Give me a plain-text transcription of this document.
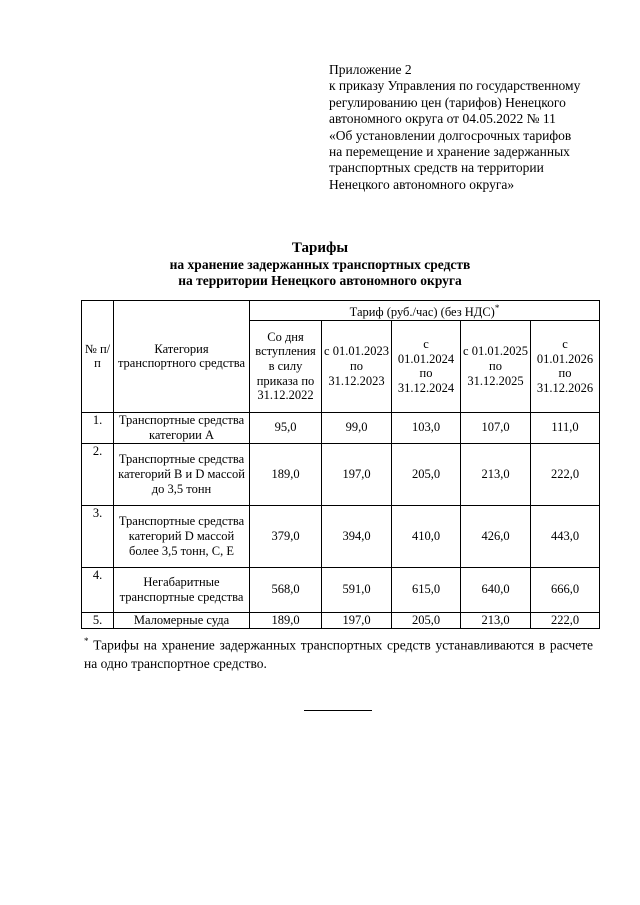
Приложение 2
к приказу Управления по государственному
регулированию цен (тарифов) Ненецкого
автономного округа от 04.05.2022 № 11
«Об установлении долгосрочных тарифов
на перемещение и хранение задержанных
транспортных средств на территории
Ненецкого автономного округа»
Тарифы
на хранение задержанных транспортных средств
на территории Ненецкого автономного округа
№ п/п	Категория транспортного средства	Тариф (руб./час) (без НДС)*
		Со дня вступления в силу приказа по 31.12.2022	с 01.01.2023 по 31.12.2023	с 01.01.2024 по 31.12.2024	с 01.01.2025 по 31.12.2025	с 01.01.2026 по 31.12.2026
1.	Транспортные средства категории А	95,0	99,0	103,0	107,0	111,0
2.	Транспортные средства категорий В и D массой до 3,5 тонн	189,0	197,0	205,0	213,0	222,0
3.	Транспортные средства категорий D массой более 3,5 тонн, С, Е	379,0	394,0	410,0	426,0	443,0
4.	Негабаритные транспортные средства	568,0	591,0	615,0	640,0	666,0
5.	Маломерные суда	189,0	197,0	205,0	213,0	222,0
* Тарифы на хранение задержанных транспортных средств устанавливаются в расчете на одно транспортное средство.
